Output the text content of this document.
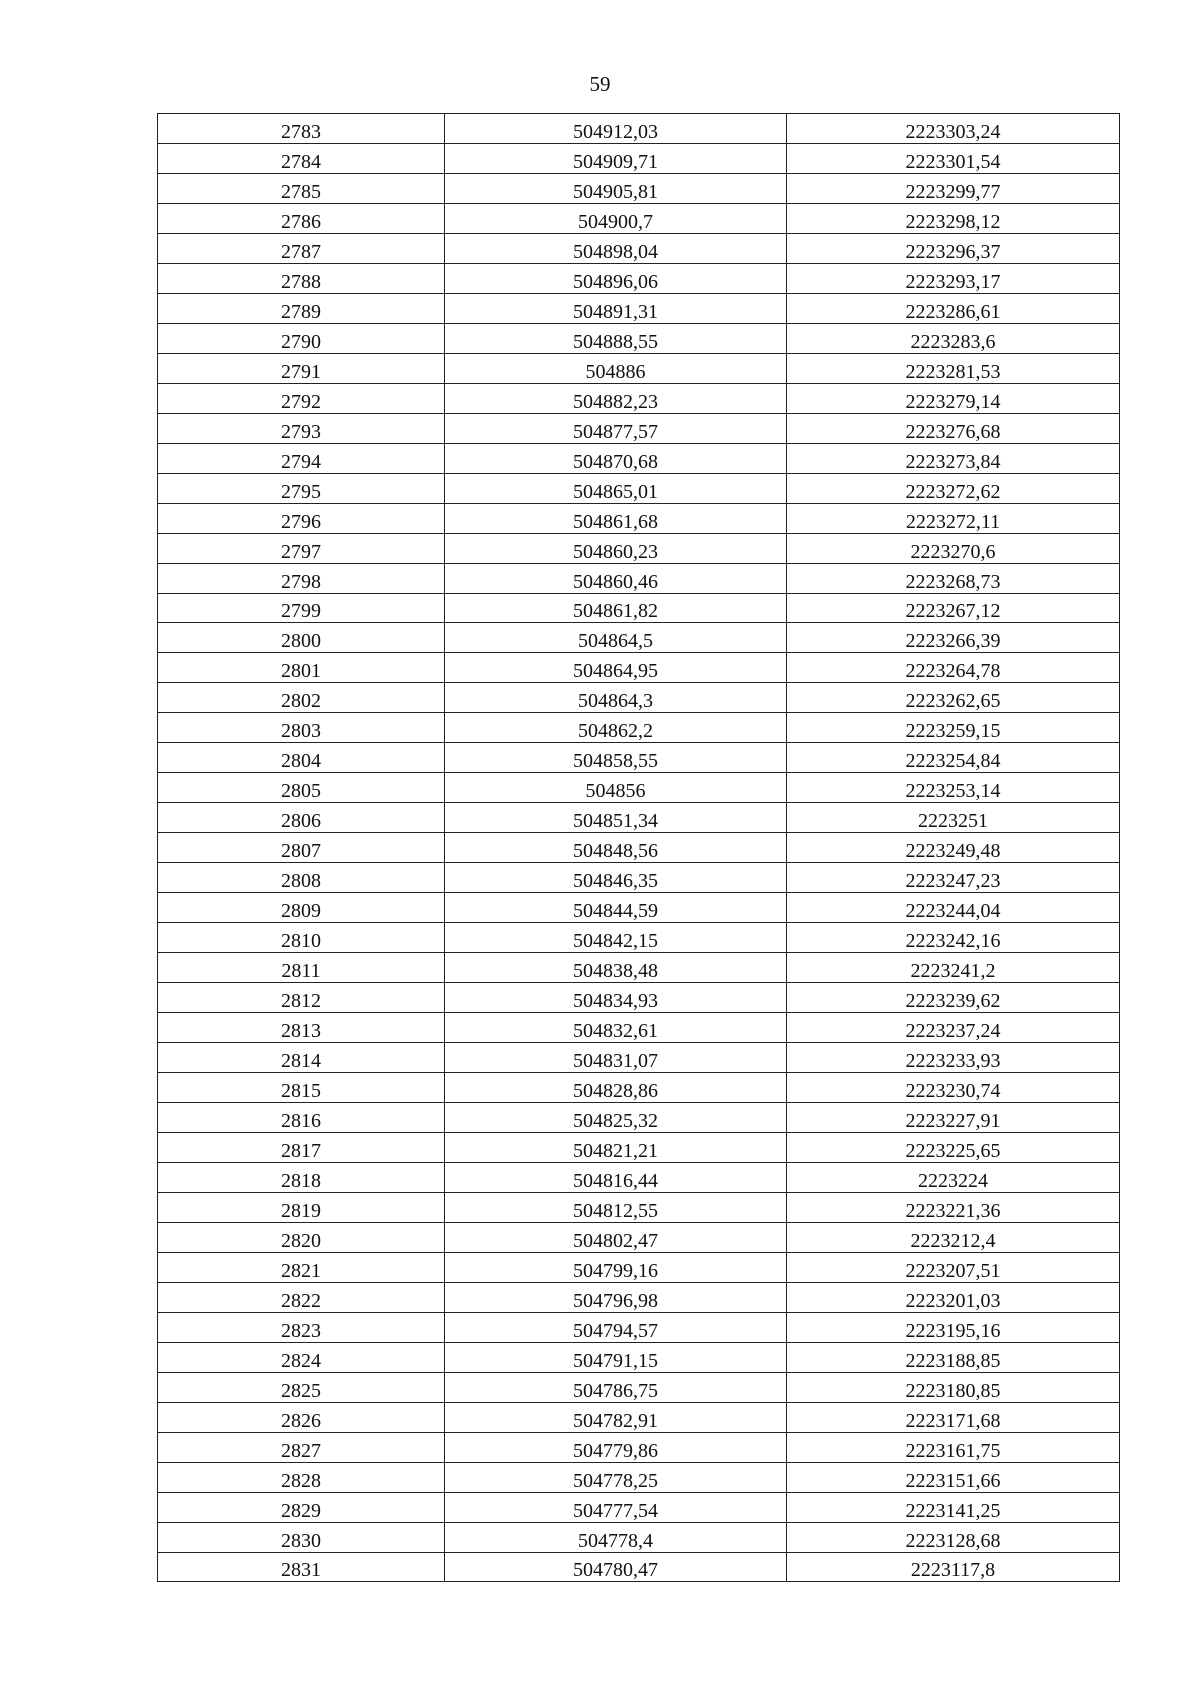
59
2783	504912,03	2223303,24
2784	504909,71	2223301,54
2785	504905,81	2223299,77
2786	504900,7	2223298,12
2787	504898,04	2223296,37
2788	504896,06	2223293,17
2789	504891,31	2223286,61
2790	504888,55	2223283,6
2791	504886	2223281,53
2792	504882,23	2223279,14
2793	504877,57	2223276,68
2794	504870,68	2223273,84
2795	504865,01	2223272,62
2796	504861,68	2223272,11
2797	504860,23	2223270,6
2798	504860,46	2223268,73
2799	504861,82	2223267,12
2800	504864,5	2223266,39
2801	504864,95	2223264,78
2802	504864,3	2223262,65
2803	504862,2	2223259,15
2804	504858,55	2223254,84
2805	504856	2223253,14
2806	504851,34	2223251
2807	504848,56	2223249,48
2808	504846,35	2223247,23
2809	504844,59	2223244,04
2810	504842,15	2223242,16
2811	504838,48	2223241,2
2812	504834,93	2223239,62
2813	504832,61	2223237,24
2814	504831,07	2223233,93
2815	504828,86	2223230,74
2816	504825,32	2223227,91
2817	504821,21	2223225,65
2818	504816,44	2223224
2819	504812,55	2223221,36
2820	504802,47	2223212,4
2821	504799,16	2223207,51
2822	504796,98	2223201,03
2823	504794,57	2223195,16
2824	504791,15	2223188,85
2825	504786,75	2223180,85
2826	504782,91	2223171,68
2827	504779,86	2223161,75
2828	504778,25	2223151,66
2829	504777,54	2223141,25
2830	504778,4	2223128,68
2831	504780,47	2223117,8
